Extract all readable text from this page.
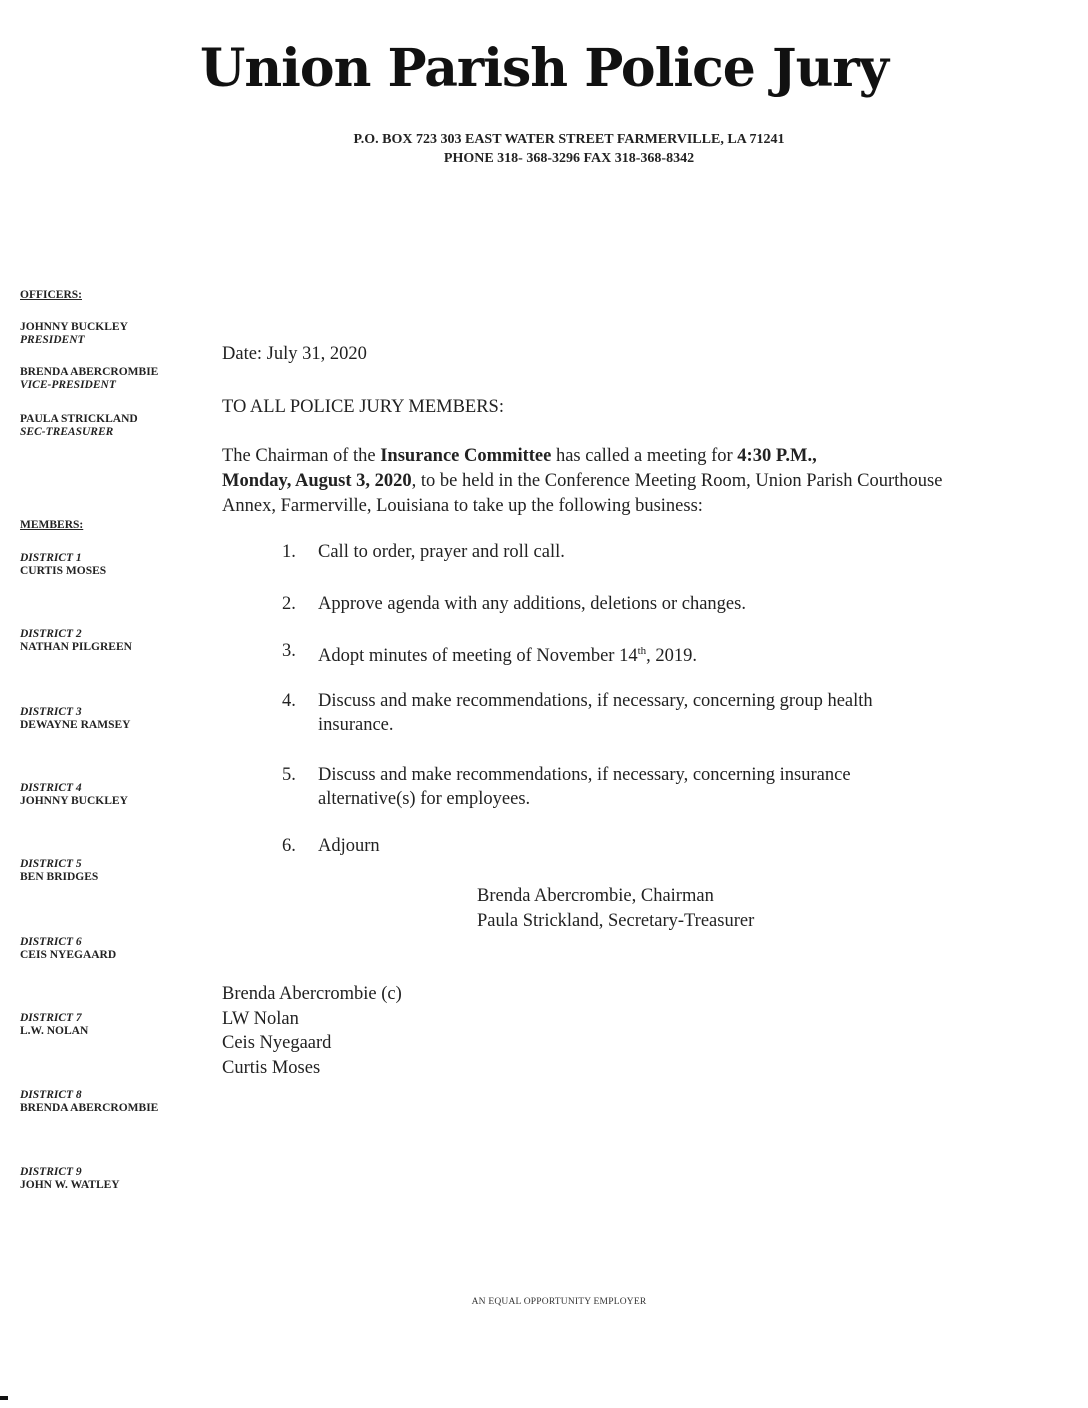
Union Parish Police Jury
P.O. BOX 723 303 EAST WATER STREET FARMERVILLE, LA 71241
PHONE 318- 368-3296 FAX 318-368-8342
OFFICERS:
JOHNNY BUCKLEY
PRESIDENT
BRENDA ABERCROMBIE
VICE-PRESIDENT
PAULA STRICKLAND
SEC-TREASURER
MEMBERS:
DISTRICT 1
CURTIS MOSES
DISTRICT 2
NATHAN PILGREEN
DISTRICT 3
DEWAYNE RAMSEY
DISTRICT 4
JOHNNY BUCKLEY
DISTRICT 5
BEN BRIDGES
DISTRICT 6
CEIS NYEGAARD
DISTRICT 7
L.W. NOLAN
DISTRICT 8
BRENDA ABERCROMBIE
DISTRICT 9
JOHN W. WATLEY
Date: July 31, 2020
TO ALL POLICE JURY MEMBERS:
The Chairman of the Insurance Committee has called a meeting for 4:30 P.M.,
Monday, August 3, 2020, to be held in the Conference Meeting Room, Union Parish Courthouse Annex, Farmerville, Louisiana to take up the following business:
1. Call to order, prayer and roll call.
2. Approve agenda with any additions, deletions or changes.
3. Adopt minutes of meeting of November 14th, 2019.
4. Discuss and make recommendations, if necessary, concerning group health insurance.
5. Discuss and make recommendations, if necessary, concerning insurance alternative(s) for employees.
6. Adjourn
Brenda Abercrombie, Chairman
Paula Strickland, Secretary-Treasurer
Brenda Abercrombie (c)
LW Nolan
Ceis Nyegaard
Curtis Moses
AN EQUAL OPPORTUNITY EMPLOYER
